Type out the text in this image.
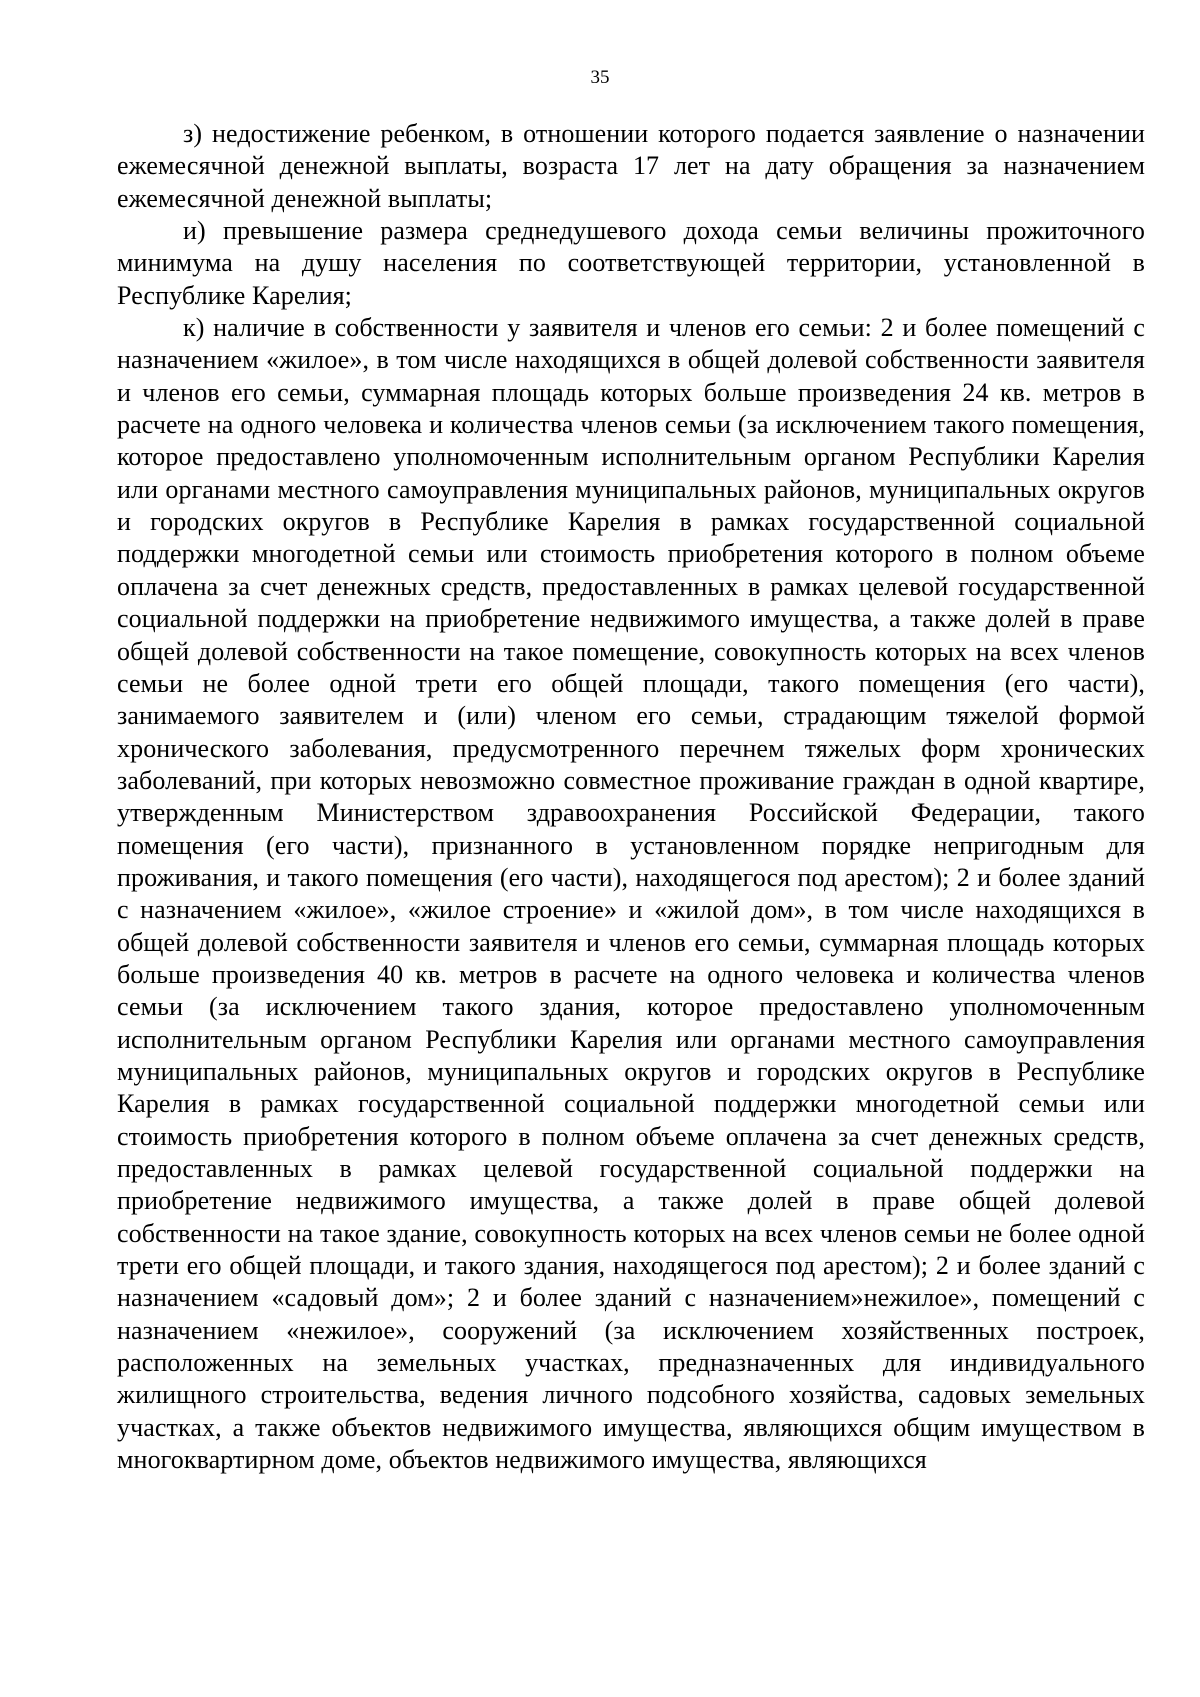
35

з) недостижение ребенком, в отношении которого подается заявление о назначении ежемесячной денежной выплаты, возраста 17 лет на дату обращения за назначением ежемесячной денежной выплаты;

и) превышение размера среднедушевого дохода семьи величины прожиточного минимума на душу населения по соответствующей территории, установленной в Республике Карелия;

к) наличие в собственности у заявителя и членов его семьи: 2 и более помещений с назначением «жилое», в том числе находящихся в общей долевой собственности заявителя и членов его семьи, суммарная площадь которых больше произведения 24 кв. метров в расчете на одного человека и количества членов семьи (за исключением такого помещения, которое предоставлено уполномоченным исполнительным органом Республики Карелия или органами местного самоуправления муниципальных районов, муниципальных округов и городских округов в Республике Карелия в рамках государственной социальной поддержки многодетной семьи или стоимость приобретения которого в полном объеме оплачена за счет денежных средств, предоставленных в рамках целевой государственной социальной поддержки на приобретение недвижимого имущества, а также долей в праве общей долевой собственности на такое помещение, совокупность которых на всех членов семьи не более одной трети его общей площади, такого помещения (его части), занимаемого заявителем и (или) членом его семьи, страдающим тяжелой формой хронического заболевания, предусмотренного перечнем тяжелых форм хронических заболеваний, при которых невозможно совместное проживание граждан в одной квартире, утвержденным Министерством здравоохранения Российской Федерации, такого помещения (его части), признанного в установленном порядке непригодным для проживания, и такого помещения (его части), находящегося под арестом); 2 и более зданий с назначением «жилое», «жилое строение» и «жилой дом», в том числе находящихся в общей долевой собственности заявителя и членов его семьи, суммарная площадь которых больше произведения 40 кв. метров в расчете на одного человека и количества членов семьи (за исключением такого здания, которое предоставлено уполномоченным исполнительным органом Республики Карелия или органами местного самоуправления муниципальных районов, муниципальных округов и городских округов в Республике Карелия в рамках государственной социальной поддержки многодетной семьи или стоимость приобретения которого в полном объеме оплачена за счет денежных средств, предоставленных в рамках целевой государственной социальной поддержки на приобретение недвижимого имущества, а также долей в праве общей долевой собственности на такое здание, совокупность которых на всех членов семьи не более одной трети его общей площади, и такого здания, находящегося под арестом); 2 и более зданий с назначением «садовый дом»; 2 и более зданий с назначением»нежилое», помещений с назначением «нежилое», сооружений (за исключением хозяйственных построек, расположенных на земельных участках, предназначенных для индивидуального жилищного строительства, ведения личного подсобного хозяйства, садовых земельных участках, а также объектов недвижимого имущества, являющихся общим имуществом в многоквартирном доме, объектов недвижимого имущества, являющихся
